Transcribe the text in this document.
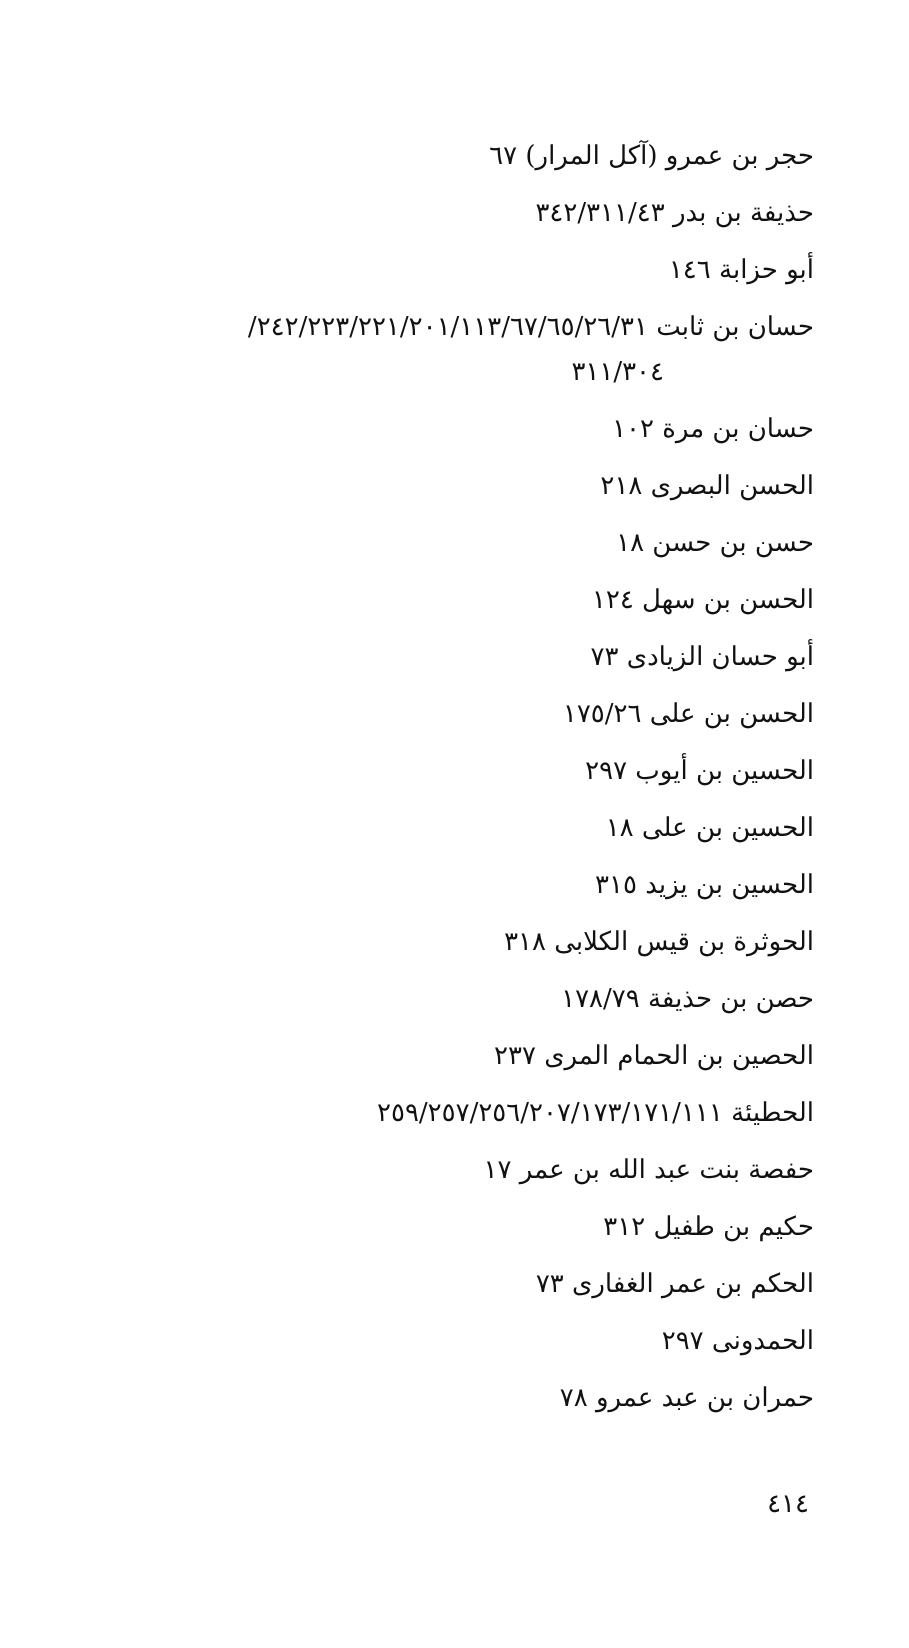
حجر بن عمرو (آكل المرار) ٦٧
حذيفة بن بدر ٣٤٢/٣١١/٤٣
أبو حزابة ١٤٦
حسان بن ثابت ٢٤٢/٢٢٣/٢٢١/٢٠١/١١٣/٦٧/٦٥/٢٦/٣١/
٣١١/٣٠٤
حسان بن مرة ١٠٢
الحسن البصرى ٢١٨
حسن بن حسن ١٨
الحسن بن سهل ١٢٤
أبو حسان الزيادى ٧٣
الحسن بن على ١٧٥/٢٦
الحسين بن أيوب ٢٩٧
الحسين بن على ١٨
الحسين بن يزيد ٣١٥
الحوثرة بن قيس الكلابى ٣١٨
حصن بن حذيفة ١٧٨/٧٩
الحصين بن الحمام المرى ٢٣٧
الحطيئة ٢٥٩/٢٥٧/٢٥٦/٢٠٧/١٧٣/١٧١/١١١
حفصة بنت عبد الله بن عمر ١٧
حكيم بن طفيل ٣١٢
الحكم بن عمر الغفارى ٧٣
الحمدونى ٢٩٧
حمران بن عبد عمرو ٧٨
٤١٤
